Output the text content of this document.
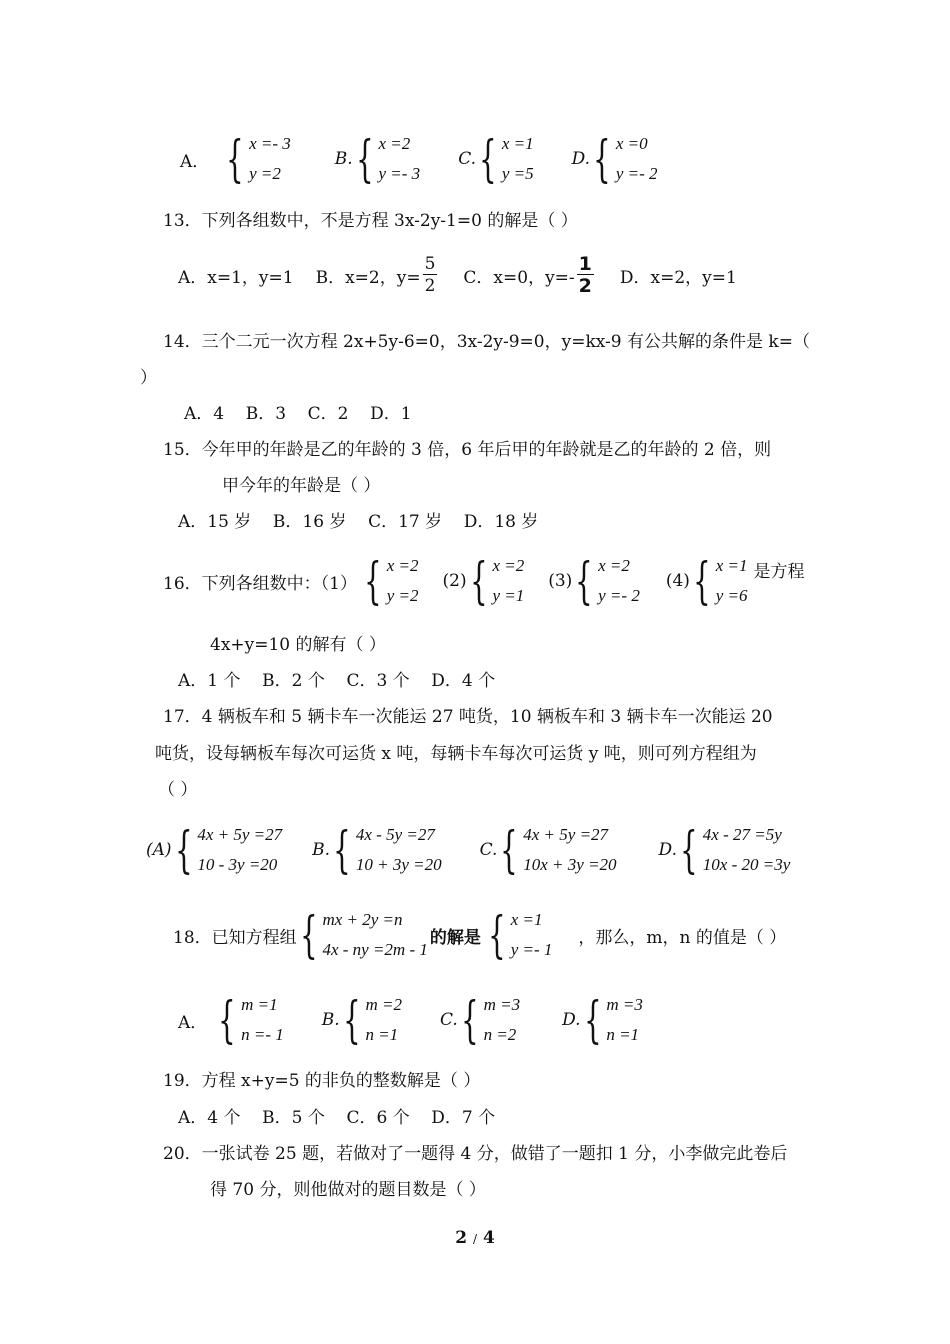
A． { x =- 3
y =2
B. { x =2
y =- 3
C. { x =1
y =5
D. { x =0
y =- 2
13．下列各组数中，不是方程 3x-2y-1=0 的解是（ ）
A．x=1，y=1 B．x=2，$y= \frac{5}{2}$ C．x=0，$y=- \frac{1}{2}$ D．x=2，y=1
14．三个二元一次方程 2x+5y-6=0，3x-2y-9=0，y=kx-9 有公共解的条件是 k=（
）
A．4    B．3    C．2    D．1
15．今年甲的年龄是乙的年龄的 3 倍，6 年后甲的年龄就是乙的年龄的 2 倍，则
甲今年的年龄是（ ）
A．15 岁    B．16 岁    C．17 岁    D．18 岁
16．下列各组数中：（1） { x =2
y =2
(2) { x =2
y =1
(3) { x =2
y =- 2
(4) { x =1
y =6
是方程
4x+y=10 的解有（ ）
A．1 个    B．2 个    C．3 个    D．4 个
17．4 辆板车和 5 辆卡车一次能运 27 吨货，10 辆板车和 3 辆卡车一次能运 20
吨货，设每辆板车每次可运货 x 吨，每辆卡车每次可运货 y 吨，则可列方程组为
（ ）
(A) { 4x + 5y =27
10 - 3y =20
B. { 4x - 5y =27
10 + 3y =20
C. { 4x + 5y =27
10x + 3y =20
D. { 4x - 27 =5y
10x - 20 =3y
18．已知方程组 { mx + 2y =n
4x - ny =2m - 1
的解是 { x =1
y =- 1
，那么，m，n 的值是（ ）
A． { m =1
n =- 1
B. { m =2
n =1
C. { m =3
n =2
D. { m =3
n =1
19．方程 x+y=5 的非负的整数解是（ ）
A．4 个    B．5 个    C．6 个    D．7 个
20．一张试卷 25 题，若做对了一题得 4 分，做错了一题扣 1 分，小李做完此卷后
得 70 分，则他做对的题目数是（ ）
2 / 4
